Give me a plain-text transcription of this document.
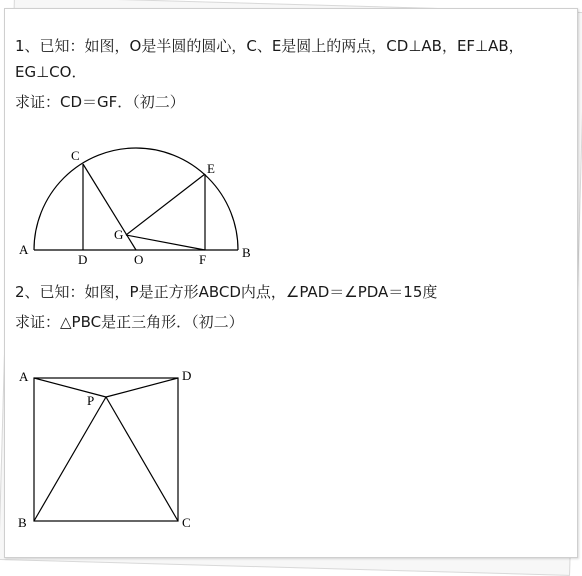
1、已知：如图，O是半圆的圆心，C、E是圆上的两点，CD⊥AB，EF⊥AB，
EG⊥CO．
求证：CD＝GF．（初二）
2、已知：如图，P是正方形ABCD内点，∠PAD＝∠PDA＝15度
求证：△PBC是正三角形．（初二）
C
E
G
A	B
D	O	F
A	D
P
B	C
